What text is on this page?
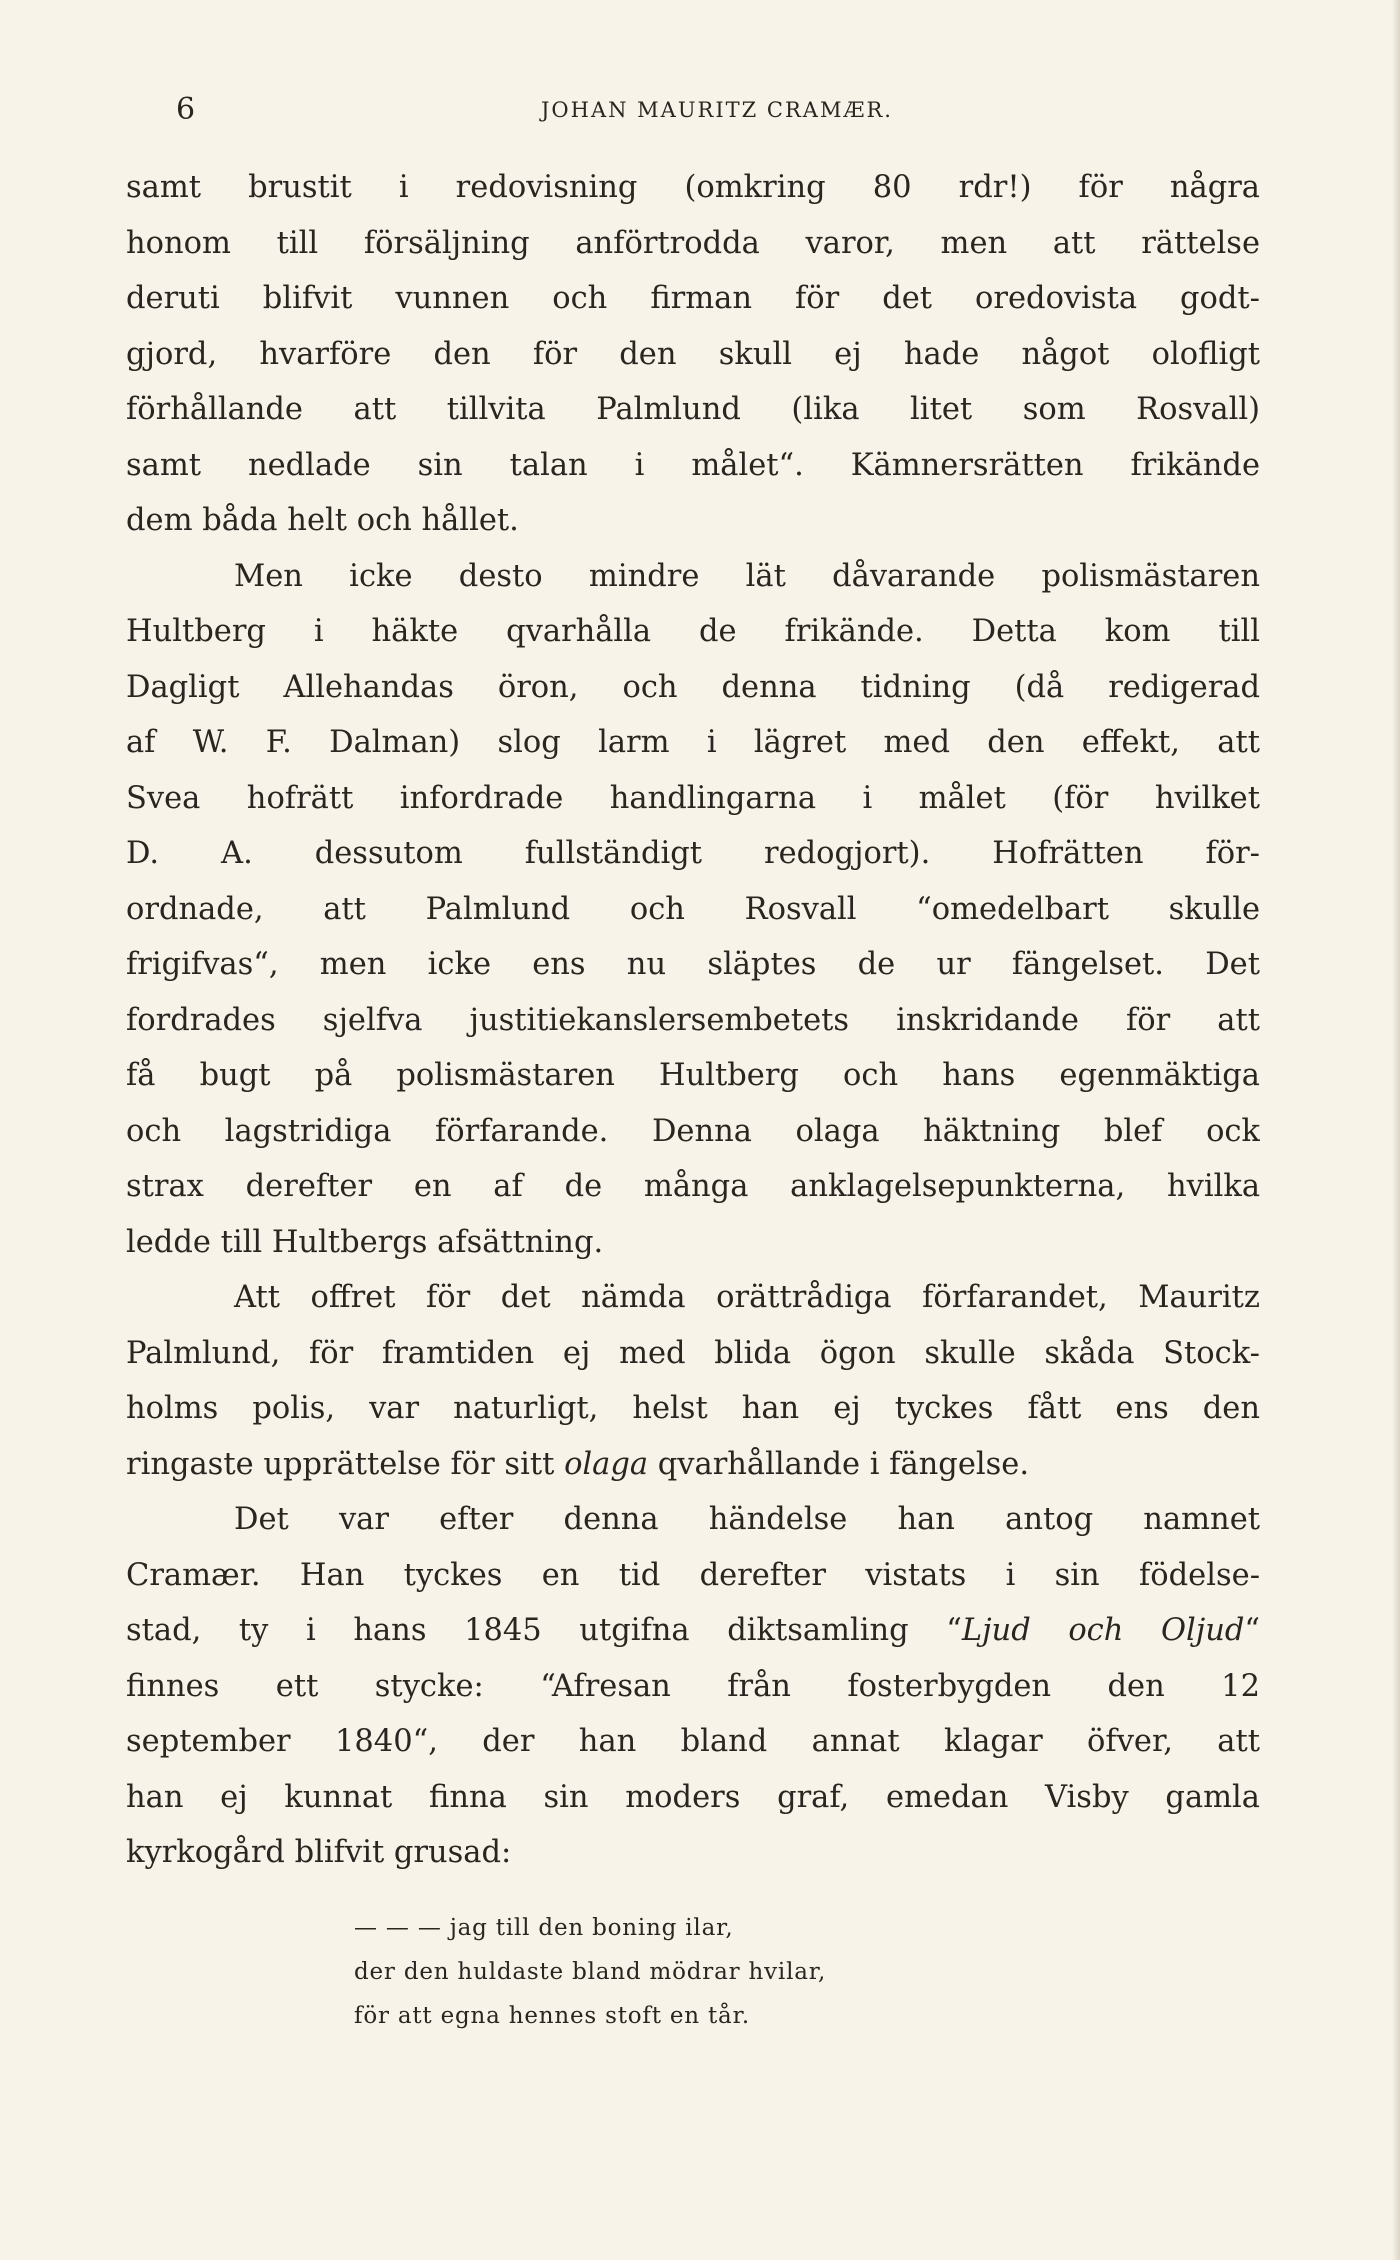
6	JOHAN MAURITZ CRAMÆR.
samt brustit i redovisning (omkring 80 rdr!) för några
honom till försäljning anförtrodda varor, men att rättelse
deruti blifvit vunnen och firman för det oredovista godt-
gjord, hvarföre den för den skull ej hade något olofligt
förhållande att tillvita Palmlund (lika litet som Rosvall)
samt nedlade sin talan i målet“. Kämnersrätten frikände
dem båda helt och hållet.
Men icke desto mindre lät dåvarande polismästaren
Hultberg i häkte qvarhålla de frikände. Detta kom till
Dagligt Allehandas öron, och denna tidning (då redigerad
af W. F. Dalman) slog larm i lägret med den effekt, att
Svea hofrätt infordrade handlingarna i målet (för hvilket
D. A. dessutom fullständigt redogjort). Hofrätten för-
ordnade, att Palmlund och Rosvall “omedelbart skulle
frigifvas“, men icke ens nu släptes de ur fängelset. Det
fordrades sjelfva justitiekanslersembetets inskridande för att
få bugt på polismästaren Hultberg och hans egenmäktiga
och lagstridiga förfarande. Denna olaga häktning blef ock
strax derefter en af de många anklagelsepunkterna, hvilka
ledde till Hultbergs afsättning.
Att offret för det nämda orättrådiga förfarandet, Mauritz
Palmlund, för framtiden ej med blida ögon skulle skåda Stock-
holms polis, var naturligt, helst han ej tyckes fått ens den
ringaste upprättelse för sitt olaga qvarhållande i fängelse.
Det var efter denna händelse han antog namnet
Cramær. Han tyckes en tid derefter vistats i sin födelse-
stad, ty i hans 1845 utgifna diktsamling “Ljud och Oljud“
finnes ett stycke: “Afresan från fosterbygden den 12
september 1840“, der han bland annat klagar öfver, att
han ej kunnat finna sin moders graf, emedan Visby gamla
kyrkogård blifvit grusad:
— — — jag till den boning ilar,
der den huldaste bland mödrar hvilar,
för att egna hennes stoft en tår.
